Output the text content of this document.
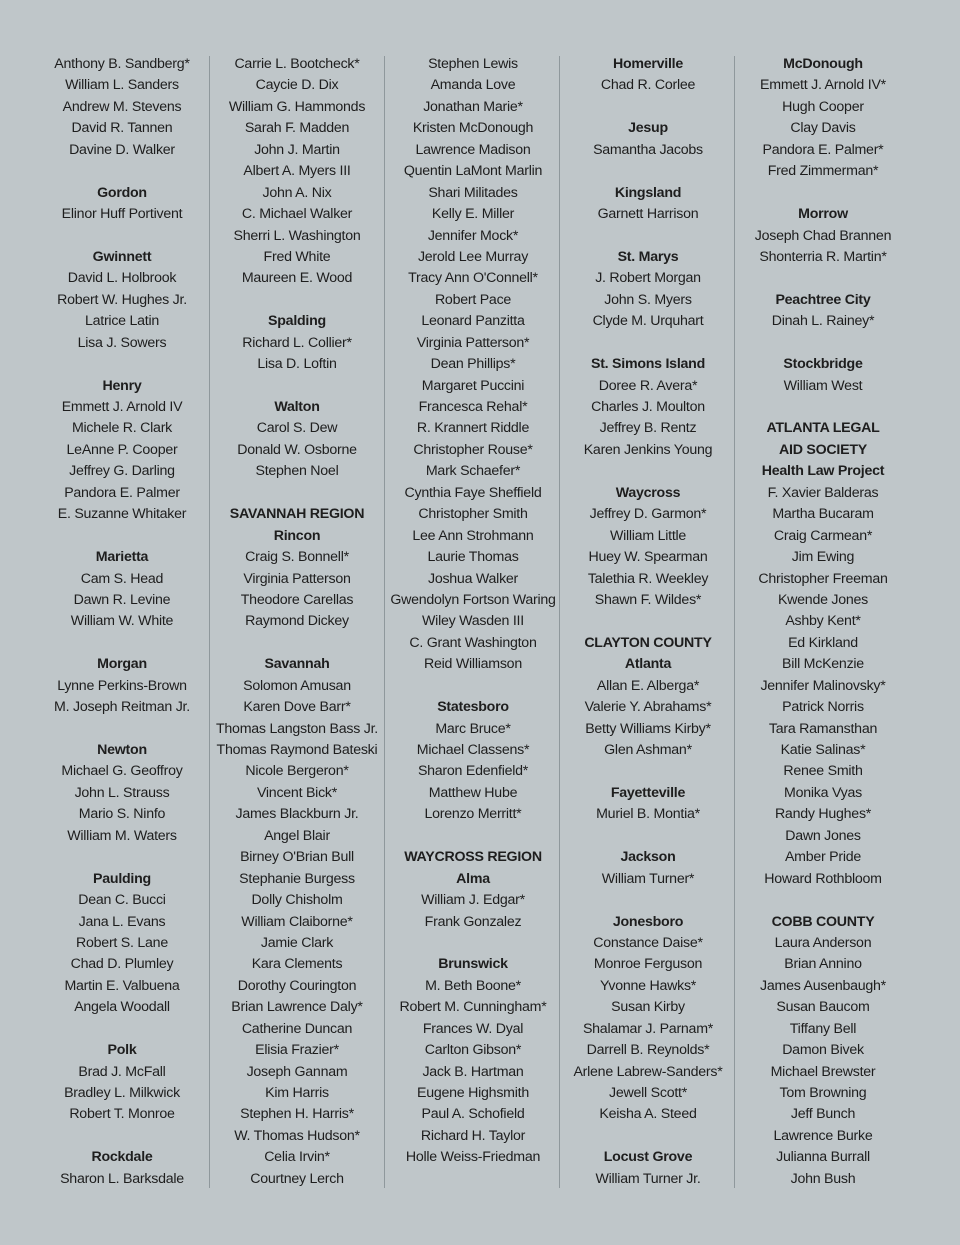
Anthony B. Sandberg*
William L. Sanders
Andrew M. Stevens
David R. Tannen
Davine D. Walker
Gordon
Elinor Huff Portivent
Gwinnett
David L. Holbrook
Robert W. Hughes Jr.
Latrice Latin
Lisa J. Sowers
Henry
Emmett J. Arnold IV
Michele R. Clark
LeAnne P. Cooper
Jeffrey G. Darling
Pandora E. Palmer
E. Suzanne Whitaker
Marietta
Cam S. Head
Dawn R. Levine
William W. White
Morgan
Lynne Perkins-Brown
M. Joseph Reitman Jr.
Newton
Michael G. Geoffroy
John L. Strauss
Mario S. Ninfo
William M. Waters
Paulding
Dean C. Bucci
Jana L. Evans
Robert S. Lane
Chad D. Plumley
Martin E. Valbuena
Angela Woodall
Polk
Brad J. McFall
Bradley L. Milkwick
Robert T. Monroe
Rockdale
Sharon L. Barksdale
Carrie L. Bootcheck*
Caycie D. Dix
William G. Hammonds
Sarah F. Madden
John J. Martin
Albert A. Myers III
John A. Nix
C. Michael Walker
Sherri L. Washington
Fred White
Maureen E. Wood
Spalding
Richard L. Collier*
Lisa D. Loftin
Walton
Carol S. Dew
Donald W. Osborne
Stephen Noel
SAVANNAH REGION
Rincon
Craig S. Bonnell*
Virginia Patterson
Theodore Carellas
Raymond Dickey
Savannah
Solomon Amusan
Karen Dove Barr*
Thomas Langston Bass Jr.
Thomas Raymond Bateski
Nicole Bergeron*
Vincent Bick*
James Blackburn Jr.
Angel Blair
Birney O'Brian Bull
Stephanie Burgess
Dolly Chisholm
William Claiborne*
Jamie Clark
Kara Clements
Dorothy Courington
Brian Lawrence Daly*
Catherine Duncan
Elisia Frazier*
Joseph Gannam
Kim Harris
Stephen H. Harris*
W. Thomas Hudson*
Celia Irvin*
Courtney Lerch
Stephen Lewis
Amanda Love
Jonathan Marie*
Kristen McDonough
Lawrence Madison
Quentin LaMont Marlin
Shari Militades
Kelly E. Miller
Jennifer Mock*
Jerold Lee Murray
Tracy Ann O'Connell*
Robert Pace
Leonard Panzitta
Virginia Patterson*
Dean Phillips*
Margaret Puccini
Francesca Rehal*
R. Krannert Riddle
Christopher Rouse*
Mark Schaefer*
Cynthia Faye Sheffield
Christopher Smith
Lee Ann Strohmann
Laurie Thomas
Joshua Walker
Gwendolyn Fortson Waring
Wiley Wasden III
C. Grant Washington
Reid Williamson
Statesboro
Marc Bruce*
Michael Classens*
Sharon Edenfield*
Matthew Hube
Lorenzo Merritt*
WAYCROSS REGION
Alma
William J. Edgar*
Frank Gonzalez
Brunswick
M. Beth Boone*
Robert M. Cunningham*
Frances W. Dyal
Carlton Gibson*
Jack B. Hartman
Eugene Highsmith
Paul A. Schofield
Richard H. Taylor
Holle Weiss-Friedman
Homerville
Chad R. Corlee
Jesup
Samantha Jacobs
Kingsland
Garnett Harrison
St. Marys
J. Robert Morgan
John S. Myers
Clyde M. Urquhart
St. Simons Island
Doree R. Avera*
Charles J. Moulton
Jeffrey B. Rentz
Karen Jenkins Young
Waycross
Jeffrey D. Garmon*
William Little
Huey W. Spearman
Talethia R. Weekley
Shawn F. Wildes*
CLAYTON COUNTY
Atlanta
Allan E. Alberga*
Valerie Y. Abrahams*
Betty Williams Kirby*
Glen Ashman*
Fayetteville
Muriel B. Montia*
Jackson
William Turner*
Jonesboro
Constance Daise*
Monroe Ferguson
Yvonne Hawks*
Susan Kirby
Shalamar J. Parnam*
Darrell B. Reynolds*
Arlene Labrew-Sanders*
Jewell Scott*
Keisha A. Steed
Locust Grove
William Turner Jr.
McDonough
Emmett J. Arnold IV*
Hugh Cooper
Clay Davis
Pandora E. Palmer*
Fred Zimmerman*
Morrow
Joseph Chad Brannen
Shonterria R. Martin*
Peachtree City
Dinah L. Rainey*
Stockbridge
William West
ATLANTA LEGAL
AID SOCIETY
Health Law Project
F. Xavier Balderas
Martha Bucaram
Craig Carmean*
Jim Ewing
Christopher Freeman
Kwende Jones
Ashby Kent*
Ed Kirkland
Bill McKenzie
Jennifer Malinovsky*
Patrick Norris
Tara Ramansthan
Katie Salinas*
Renee Smith
Monika Vyas
Randy Hughes*
Dawn Jones
Amber Pride
Howard Rothbloom
COBB COUNTY
Laura Anderson
Brian Annino
James Ausenbaugh*
Susan Baucom
Tiffany Bell
Damon Bivek
Michael Brewster
Tom Browning
Jeff Bunch
Lawrence Burke
Julianna Burrall
John Bush
